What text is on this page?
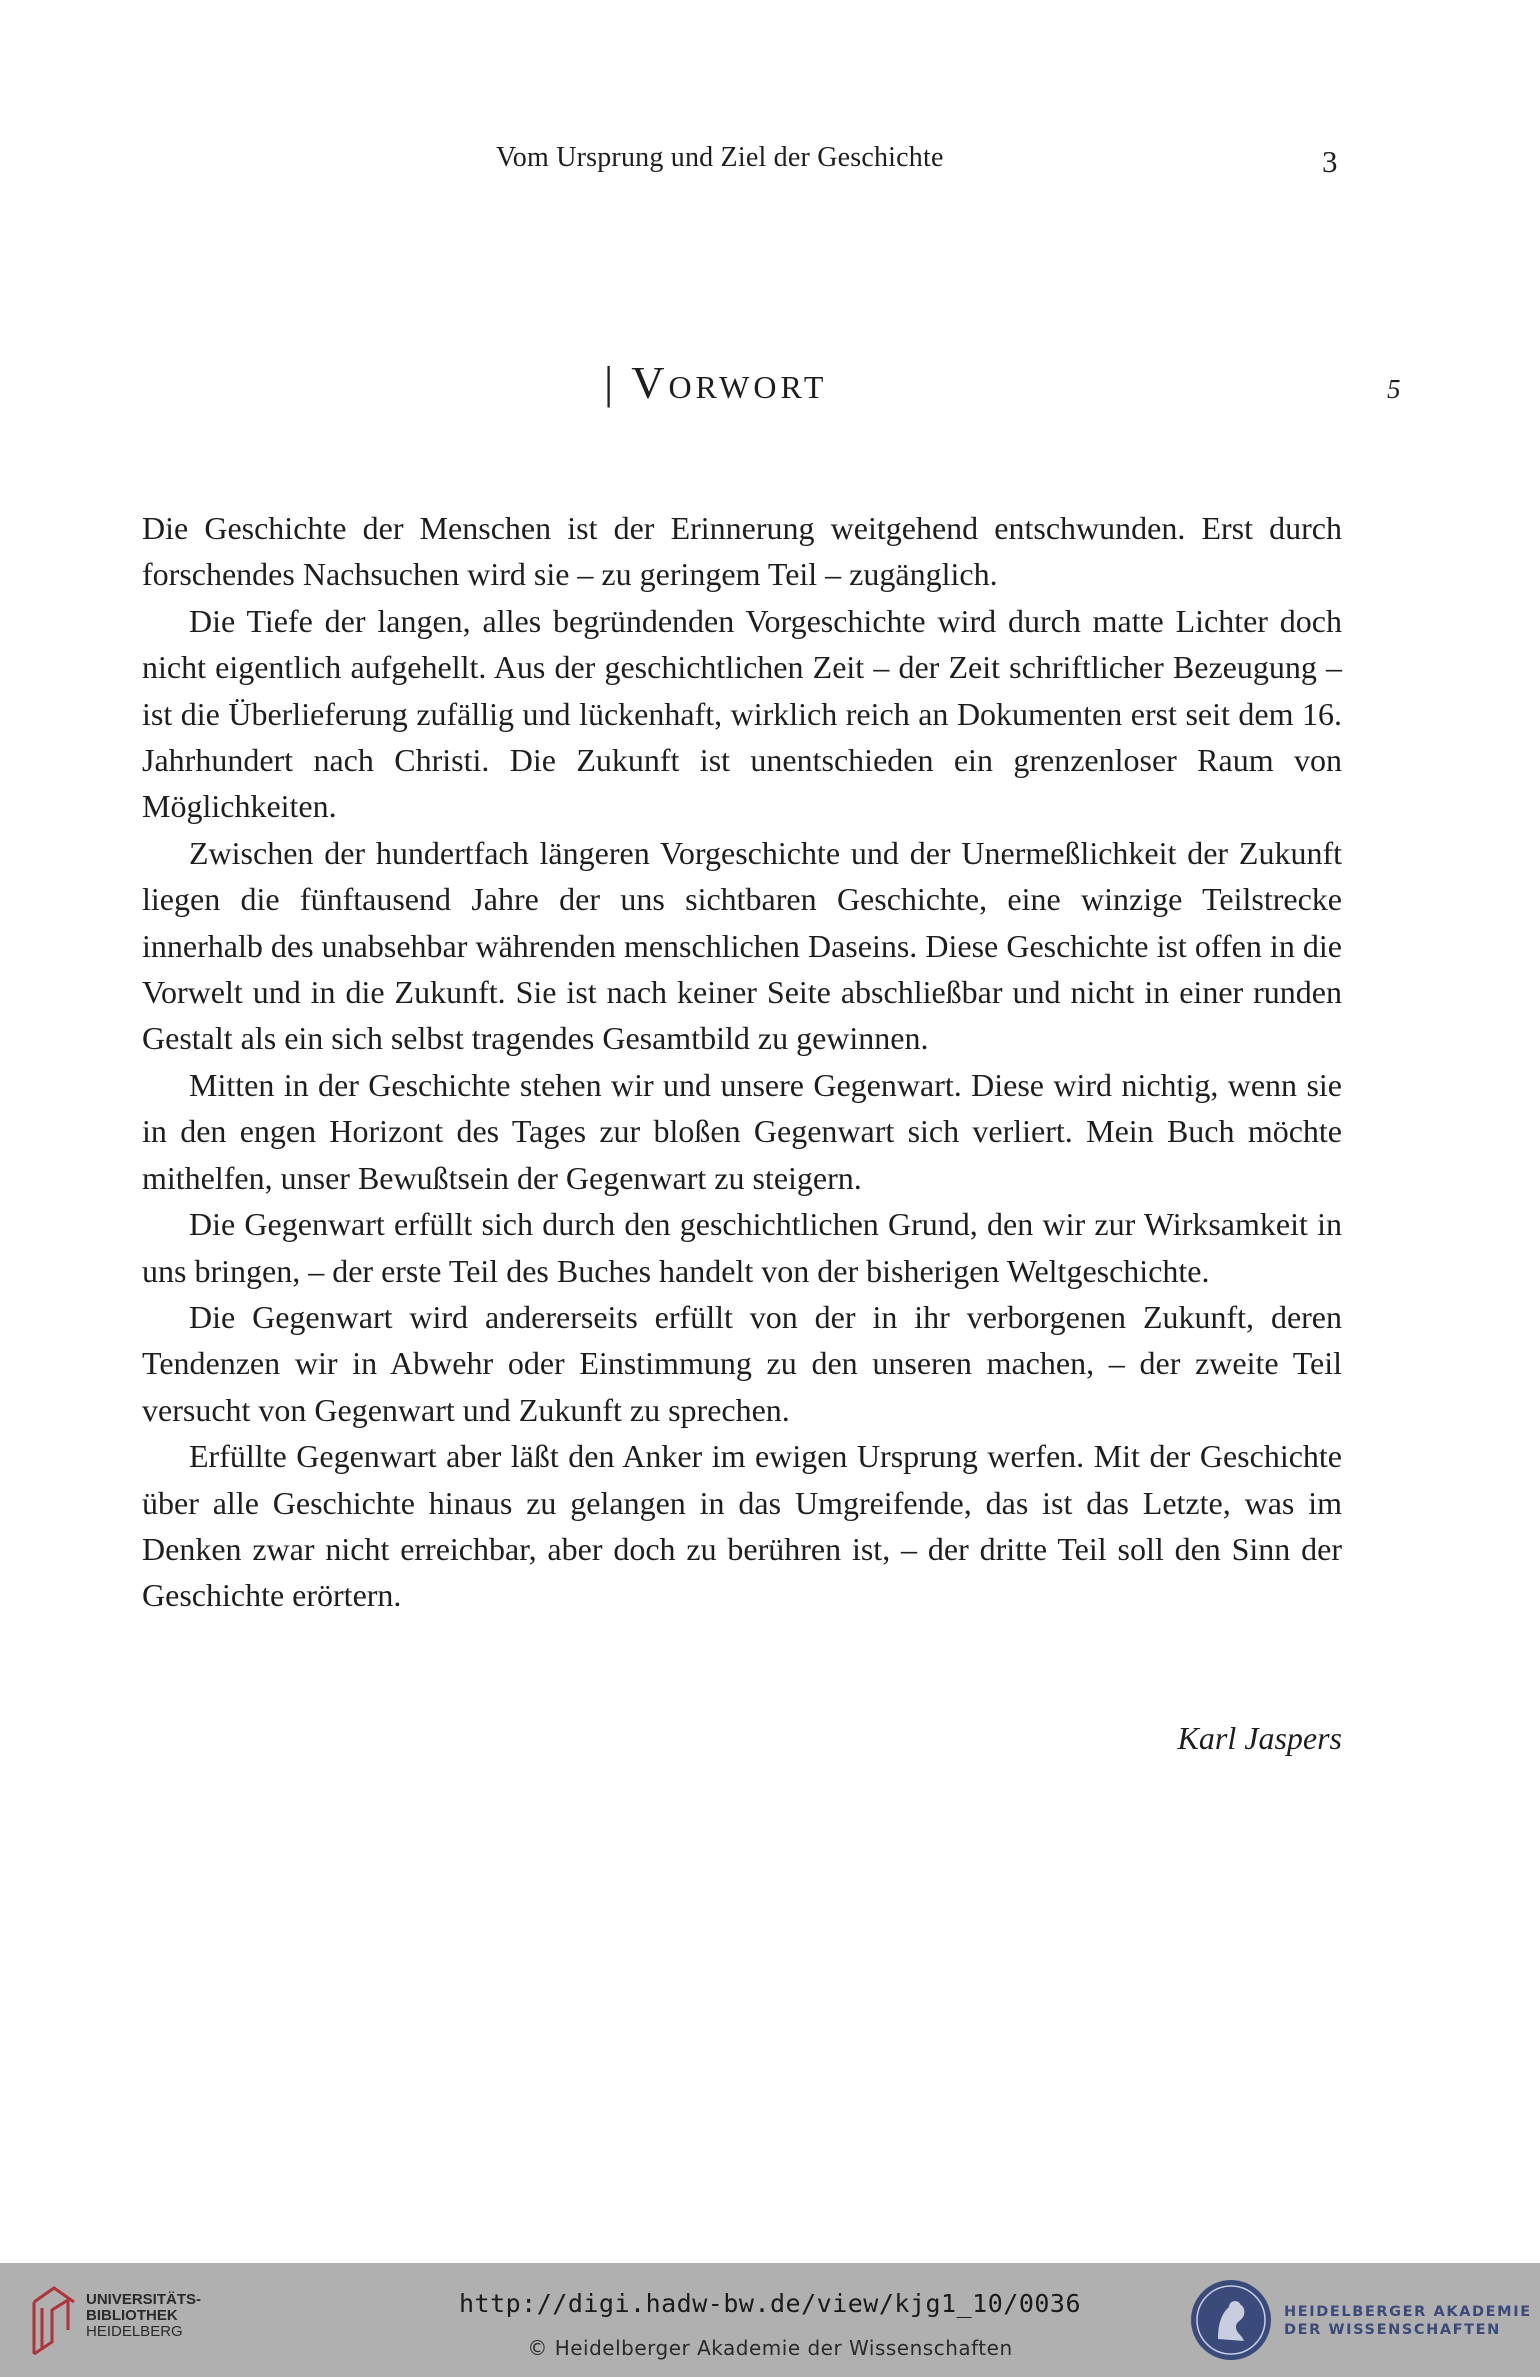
Vom Ursprung und Ziel der Geschichte	3
| Vorwort	5

Die Geschichte der Menschen ist der Erinnerung weitgehend entschwunden. Erst durch forschendes Nachsuchen wird sie – zu geringem Teil – zugänglich.

Die Tiefe der langen, alles begründenden Vorgeschichte wird durch matte Lichter doch nicht eigentlich aufgehellt. Aus der geschichtlichen Zeit – der Zeit schriftlicher Bezeugung – ist die Überlieferung zufällig und lückenhaft, wirklich reich an Dokumenten erst seit dem 16. Jahrhundert nach Christi. Die Zukunft ist unentschieden ein grenzenloser Raum von Möglichkeiten.

Zwischen der hundertfach längeren Vorgeschichte und der Unermeßlichkeit der Zukunft liegen die fünftausend Jahre der uns sichtbaren Geschichte, eine winzige Teilstrecke innerhalb des unabsehbar währenden menschlichen Daseins. Diese Geschichte ist offen in die Vorwelt und in die Zukunft. Sie ist nach keiner Seite abschließbar und nicht in einer runden Gestalt als ein sich selbst tragendes Gesamtbild zu gewinnen.

Mitten in der Geschichte stehen wir und unsere Gegenwart. Diese wird nichtig, wenn sie in den engen Horizont des Tages zur bloßen Gegenwart sich verliert. Mein Buch möchte mithelfen, unser Bewußtsein der Gegenwart zu steigern.

Die Gegenwart erfüllt sich durch den geschichtlichen Grund, den wir zur Wirksamkeit in uns bringen, – der erste Teil des Buches handelt von der bisherigen Weltgeschichte.

Die Gegenwart wird andererseits erfüllt von der in ihr verborgenen Zukunft, deren Tendenzen wir in Abwehr oder Einstimmung zu den unseren machen, – der zweite Teil versucht von Gegenwart und Zukunft zu sprechen.

Erfüllte Gegenwart aber läßt den Anker im ewigen Ursprung werfen. Mit der Geschichte über alle Geschichte hinaus zu gelangen in das Umgreifende, das ist das Letzte, was im Denken zwar nicht erreichbar, aber doch zu berühren ist, – der dritte Teil soll den Sinn der Geschichte erörtern.

Karl Jaspers
UNIVERSITÄTS-
BIBLIOTHEK
HEIDELBERG
http://digi.hadw-bw.de/view/kjg1_10/0036
© Heidelberger Akademie der Wissenschaften
HEIDELBERGER AKADEMIE
DER WISSENSCHAFTEN
